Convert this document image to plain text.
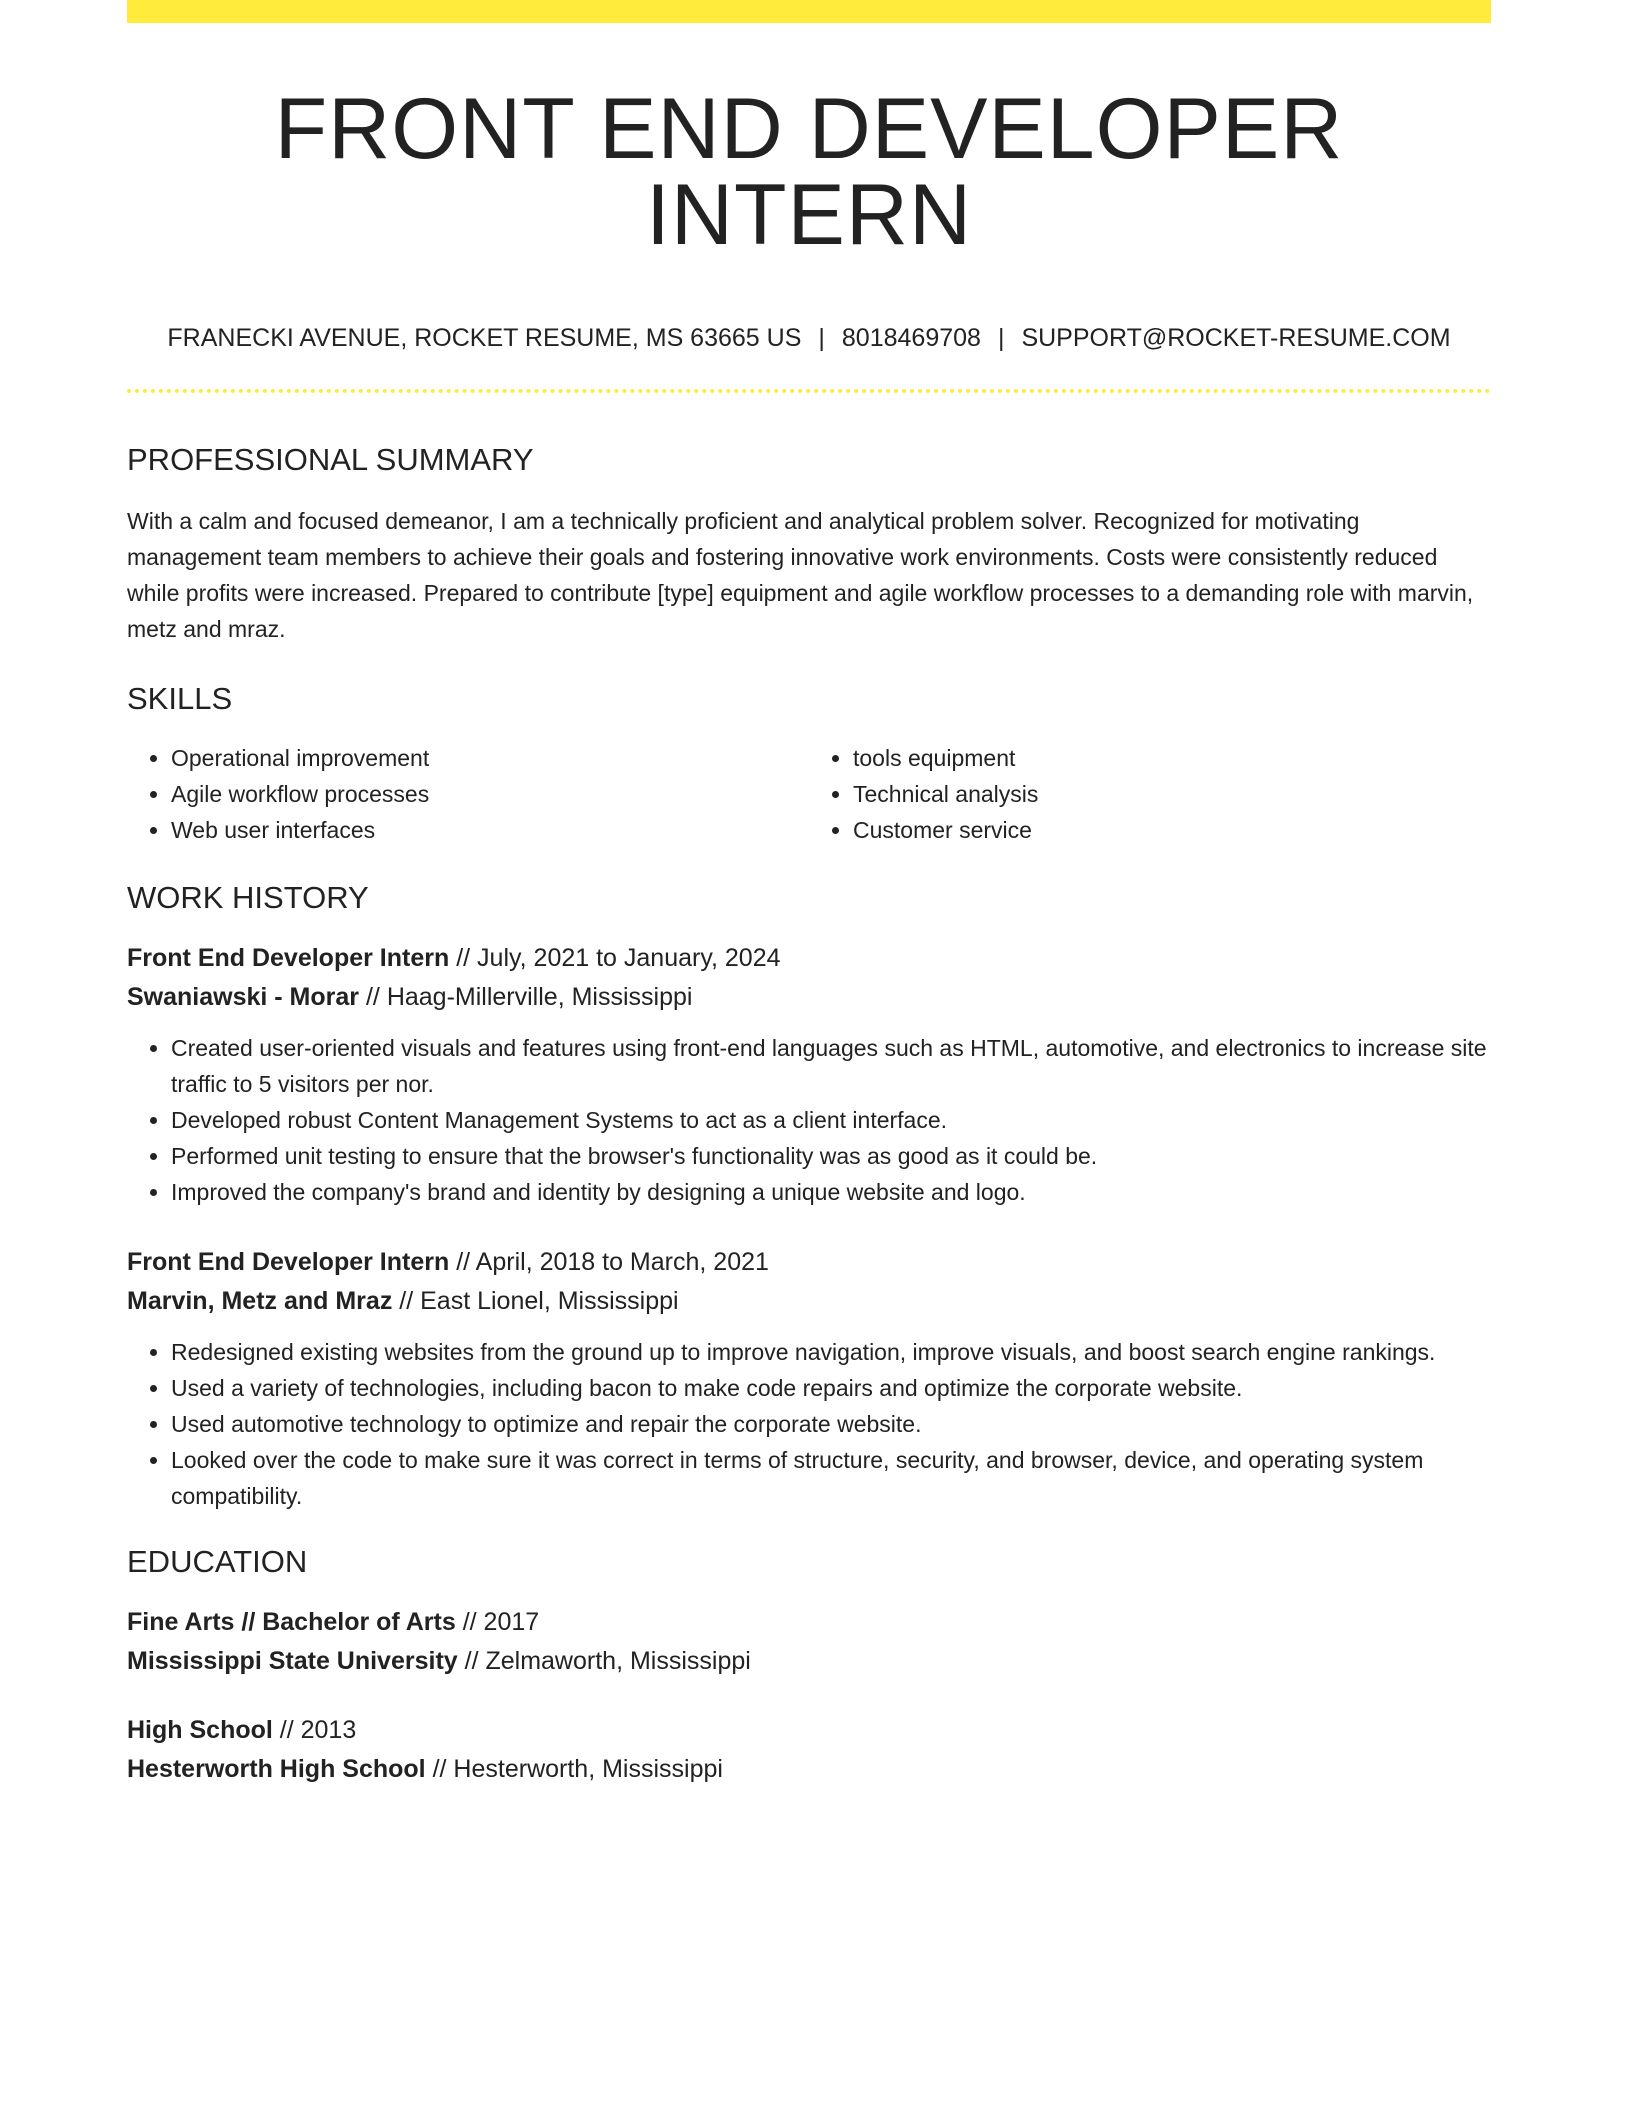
FRONT END DEVELOPER INTERN
FRANECKI AVENUE, ROCKET RESUME, MS 63665 US | 8018469708 | SUPPORT@ROCKET-RESUME.COM
PROFESSIONAL SUMMARY
With a calm and focused demeanor, I am a technically proficient and analytical problem solver. Recognized for motivating management team members to achieve their goals and fostering innovative work environments. Costs were consistently reduced while profits were increased. Prepared to contribute [type] equipment and agile workflow processes to a demanding role with marvin, metz and mraz.
SKILLS
• Operational improvement
• Agile workflow processes
• Web user interfaces
• tools equipment
• Technical analysis
• Customer service
WORK HISTORY
Front End Developer Intern // July, 2021 to January, 2024
Swaniawski - Morar // Haag-Millerville, Mississippi
• Created user-oriented visuals and features using front-end languages such as HTML, automotive, and electronics to increase site traffic to 5 visitors per nor.
• Developed robust Content Management Systems to act as a client interface.
• Performed unit testing to ensure that the browser's functionality was as good as it could be.
• Improved the company's brand and identity by designing a unique website and logo.
Front End Developer Intern // April, 2018 to March, 2021
Marvin, Metz and Mraz // East Lionel, Mississippi
• Redesigned existing websites from the ground up to improve navigation, improve visuals, and boost search engine rankings.
• Used a variety of technologies, including bacon to make code repairs and optimize the corporate website.
• Used automotive technology to optimize and repair the corporate website.
• Looked over the code to make sure it was correct in terms of structure, security, and browser, device, and operating system compatibility.
EDUCATION
Fine Arts // Bachelor of Arts // 2017
Mississippi State University // Zelmaworth, Mississippi
High School // 2013
Hesterworth High School // Hesterworth, Mississippi
